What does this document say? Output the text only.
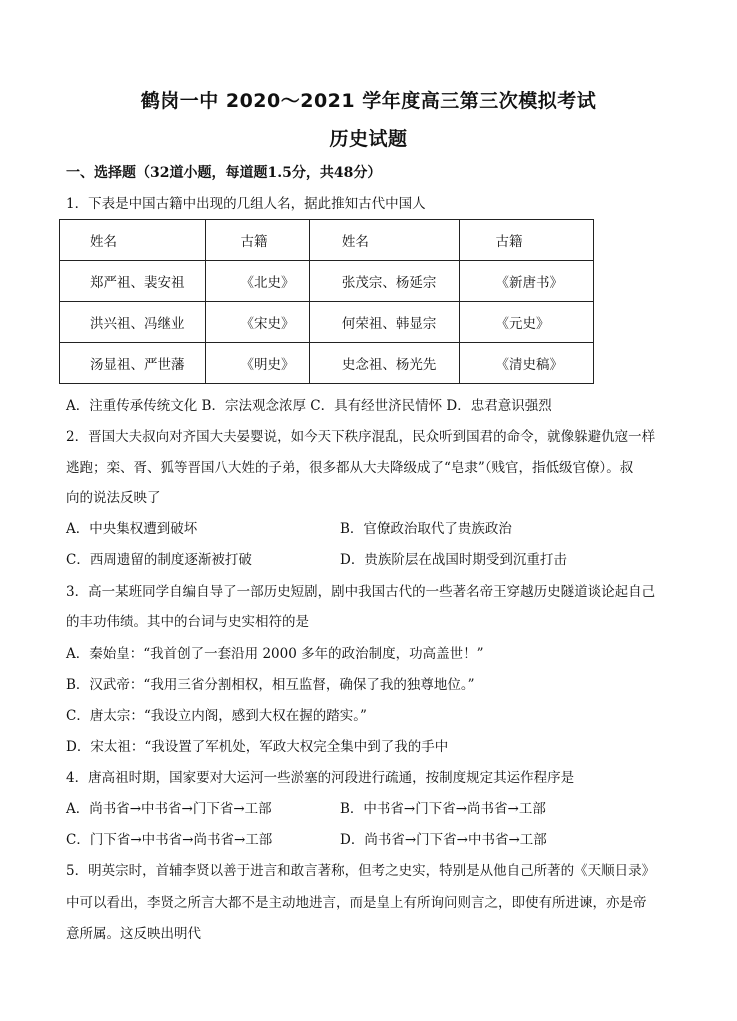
鹤岗一中 2020～2021 学年度高三第三次模拟考试
历史试题
一、选择题（32道小题，每道题1.5分，共48分）
1．下表是中国古籍中出现的几组人名，据此推知古代中国人
姓名	古籍	姓名	古籍
郑严祖、裴安祖	《北史》	张茂宗、杨延宗	《新唐书》
洪兴祖、冯继业	《宋史》	何荣祖、韩显宗	《元史》
汤显祖、严世藩	《明史》	史念祖、杨光先	《清史稿》
A．注重传承传统文化 B．宗法观念浓厚 C．具有经世济民情怀 D．忠君意识强烈
2．晋国大夫叔向对齐国大夫晏婴说，如今天下秩序混乱，民众听到国君的命令，就像躲避仇寇一样
逃跑；栾、胥、狐等晋国八大姓的子弟，很多都从大夫降级成了“皂隶”（贱官，指低级官僚）。叔
向的说法反映了
A．中央集权遭到破坏	B．官僚政治取代了贵族政治
C．西周遗留的制度逐渐被打破	D．贵族阶层在战国时期受到沉重打击
3．高一某班同学自编自导了一部历史短剧，剧中我国古代的一些著名帝王穿越历史隧道谈论起自己
的丰功伟绩。其中的台词与史实相符的是
A．秦始皇：“我首创了一套沿用 2000 多年的政治制度，功高盖世！”
B．汉武帝：“我用三省分割相权，相互监督，确保了我的独尊地位。”
C．唐太宗：“我设立内阁，感到大权在握的踏实。”
D．宋太祖：“我设置了军机处，军政大权完全集中到了我的手中
4．唐高祖时期，国家要对大运河一些淤塞的河段进行疏通，按制度规定其运作程序是
A．尚书省→中书省→门下省→工部	B．中书省→门下省→尚书省→工部
C．门下省→中书省→尚书省→工部	D．尚书省→门下省→中书省→工部
5．明英宗时，首辅李贤以善于进言和敢言著称，但考之史实，特别是从他自己所著的《天顺日录》
中可以看出，李贤之所言大都不是主动地进言，而是皇上有所询问则言之，即使有所进谏，亦是帝
意所属。这反映出明代
